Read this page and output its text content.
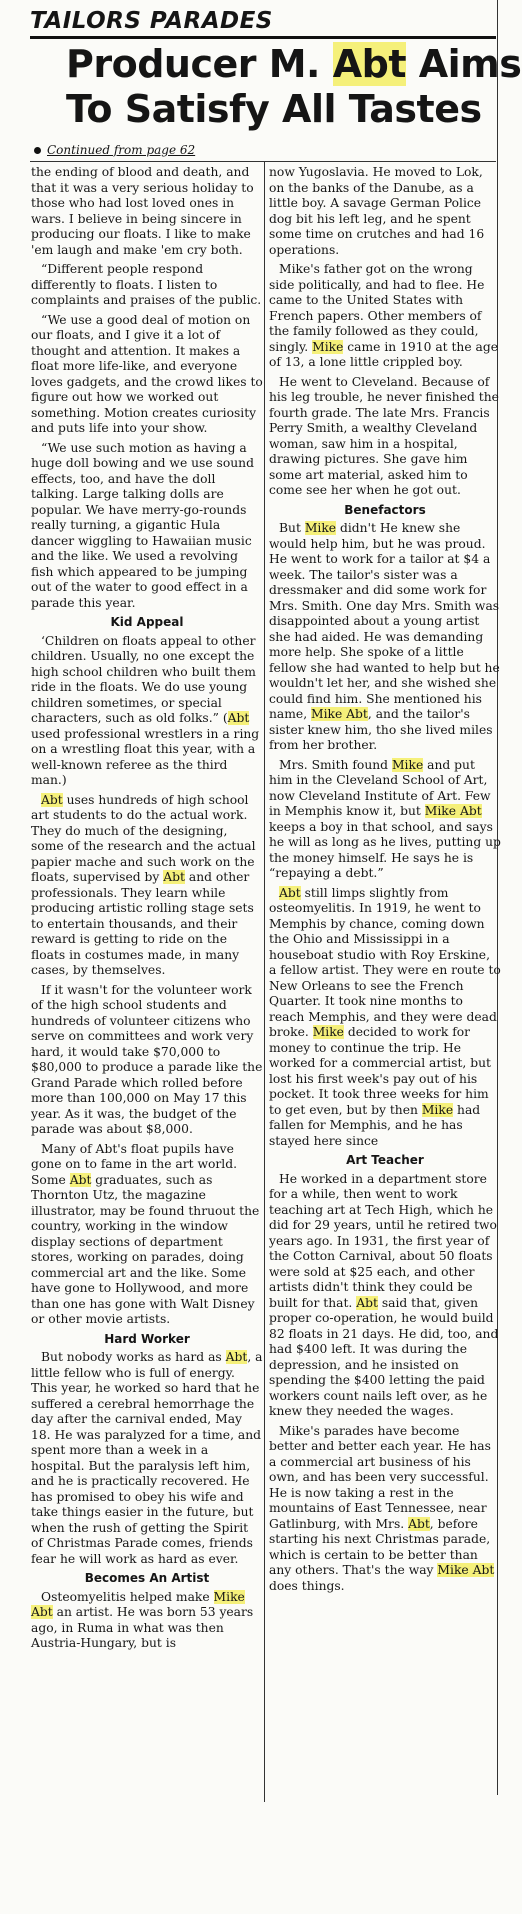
TAILORS PARADES
Producer M. Abt Aims
To Satisfy All Tastes
Continued from page 62

the ending of blood and death, and that it was a very serious holiday to those who had lost loved ones in wars. I believe in being sincere in producing our floats. I like to make 'em laugh and make 'em cry both.

“Different people respond differently to floats. I listen to complaints and praises of the public.

“We use a good deal of motion on our floats, and I give it a lot of thought and attention. It makes a float more life-like, and everyone loves gadgets, and the crowd likes to figure out how we worked out something. Motion creates curiosity and puts life into your show.

“We use such motion as having a huge doll bowing and we use sound effects, too, and have the doll talking. Large talking dolls are popular. We have merry-go-rounds really turning, a gigantic Hula dancer wiggling to Hawaiian music and the like. We used a revolving fish which appeared to be jumping out of the water to good effect in a parade this year.

Kid Appeal

‘Children on floats appeal to other children. Usually, no one except the high school children who built them ride in the floats. We do use young children sometimes, or special characters, such as old folks.” (Abt used professional wrestlers in a ring on a wrestling float this year, with a well-known referee as the third man.)

Abt uses hundreds of high school art students to do the actual work. They do much of the designing, some of the research and the actual papier mache and such work on the floats, supervised by Abt and other professionals. They learn while producing artistic rolling stage sets to entertain thousands, and their reward is getting to ride on the floats in costumes made, in many cases, by themselves.

If it wasn't for the volunteer work of the high school students and hundreds of volunteer citizens who serve on committees and work very hard, it would take $70,000 to $80,000 to produce a parade like the Grand Parade which rolled before more than 100,000 on May 17 this year. As it was, the budget of the parade was about $8,000.

Many of Abt's float pupils have gone on to fame in the art world. Some Abt graduates, such as Thornton Utz, the magazine illustrator, may be found thruout the country, working in the window display sections of department stores, working on parades, doing commercial art and the like. Some have gone to Hollywood, and more than one has gone with Walt Disney or other movie artists.

Hard Worker

But nobody works as hard as Abt, a little fellow who is full of energy. This year, he worked so hard that he suffered a cerebral hemorrhage the day after the carnival ended, May 18. He was paralyzed for a time, and spent more than a week in a hospital. But the paralysis left him, and he is practically recovered. He has promised to obey his wife and take things easier in the future, but when the rush of getting the Spirit of Christmas Parade comes, friends fear he will work as hard as ever.

Becomes An Artist

Osteomyelitis helped make Mike Abt an artist. He was born 53 years ago, in Ruma in what was then Austria-Hungary, but is

now Yugoslavia. He moved to Lok, on the banks of the Danube, as a little boy. A savage German Police dog bit his left leg, and he spent some time on crutches and had 16 operations.

Mike's father got on the wrong side politically, and had to flee. He came to the United States with French papers. Other members of the family followed as they could, singly. Mike came in 1910 at the age of 13, a lone little crippled boy.

He went to Cleveland. Because of his leg trouble, he never finished the fourth grade. The late Mrs. Francis Perry Smith, a wealthy Cleveland woman, saw him in a hospital, drawing pictures. She gave him some art material, asked him to come see her when he got out.

Benefactors

But Mike didn't He knew she would help him, but he was proud. He went to work for a tailor at $4 a week. The tailor's sister was a dressmaker and did some work for Mrs. Smith. One day Mrs. Smith was disappointed about a young artist she had aided. He was demanding more help. She spoke of a little fellow she had wanted to help but he wouldn't let her, and she wished she could find him. She mentioned his name, Mike Abt, and the tailor's sister knew him, tho she lived miles from her brother.

Mrs. Smith found Mike and put him in the Cleveland School of Art, now Cleveland Institute of Art. Few in Memphis know it, but Mike Abt keeps a boy in that school, and says he will as long as he lives, putting up the money himself. He says he is “repaying a debt.”

Abt still limps slightly from osteomyelitis. In 1919, he went to Memphis by chance, coming down the Ohio and Mississippi in a houseboat studio with Roy Erskine, a fellow artist. They were en route to New Orleans to see the French Quarter. It took nine months to reach Memphis, and they were dead broke. Mike decided to work for money to continue the trip. He worked for a commercial artist, but lost his first week's pay out of his pocket. It took three weeks for him to get even, but by then Mike had fallen for Memphis, and he has stayed here since

Art Teacher

He worked in a department store for a while, then went to work teaching art at Tech High, which he did for 29 years, until he retired two years ago. In 1931, the first year of the Cotton Carnival, about 50 floats were sold at $25 each, and other artists didn't think they could be built for that. Abt said that, given proper co-operation, he would build 82 floats in 21 days. He did, too, and had $400 left. It was during the depression, and he insisted on spending the $400 letting the paid workers count nails left over, as he knew they needed the wages.

Mike's parades have become better and better each year. He has a commercial art business of his own, and has been very successful. He is now taking a rest in the mountains of East Tennessee, near Gatlinburg, with Mrs. Abt, before starting his next Christmas parade, which is certain to be better than any others. That's the way Mike Abt does things.
